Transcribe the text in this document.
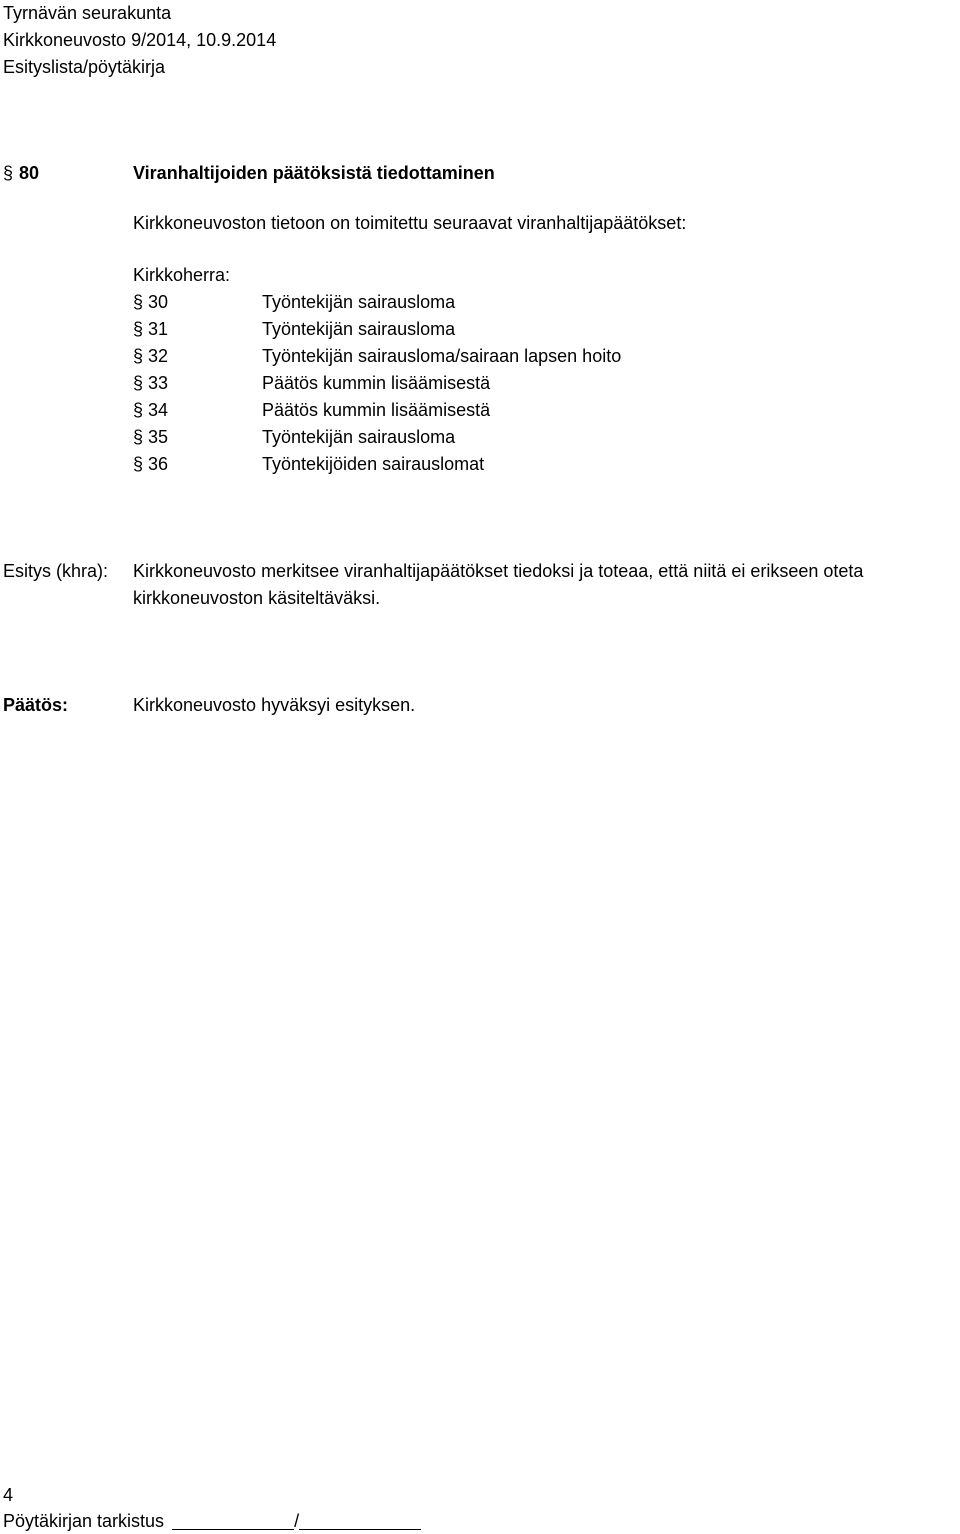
Tyrnävän seurakunta
Kirkkoneuvosto 9/2014, 10.9.2014
Esityslista/pöytäkirja
§ 80	Viranhaltijoiden päätöksistä tiedottaminen
Kirkkoneuvoston tietoon on toimitettu seuraavat viranhaltijapäätökset:
Kirkkoherra:
§ 30	Työntekijän sairausloma
§ 31	Työntekijän sairausloma
§ 32	Työntekijän sairausloma/sairaan lapsen hoito
§ 33	Päätös kummin lisäämisestä
§ 34	Päätös kummin lisäämisestä
§ 35	Työntekijän sairausloma
§ 36	Työntekijöiden sairauslomat
Esitys (khra): Kirkkoneuvosto merkitsee viranhaltijapäätökset tiedoksi ja toteaa, että niitä ei erikseen oteta kirkkoneuvoston käsiteltäväksi.
Päätös:	Kirkkoneuvosto hyväksyi esityksen.
4
Pöytäkirjan tarkistus	/
